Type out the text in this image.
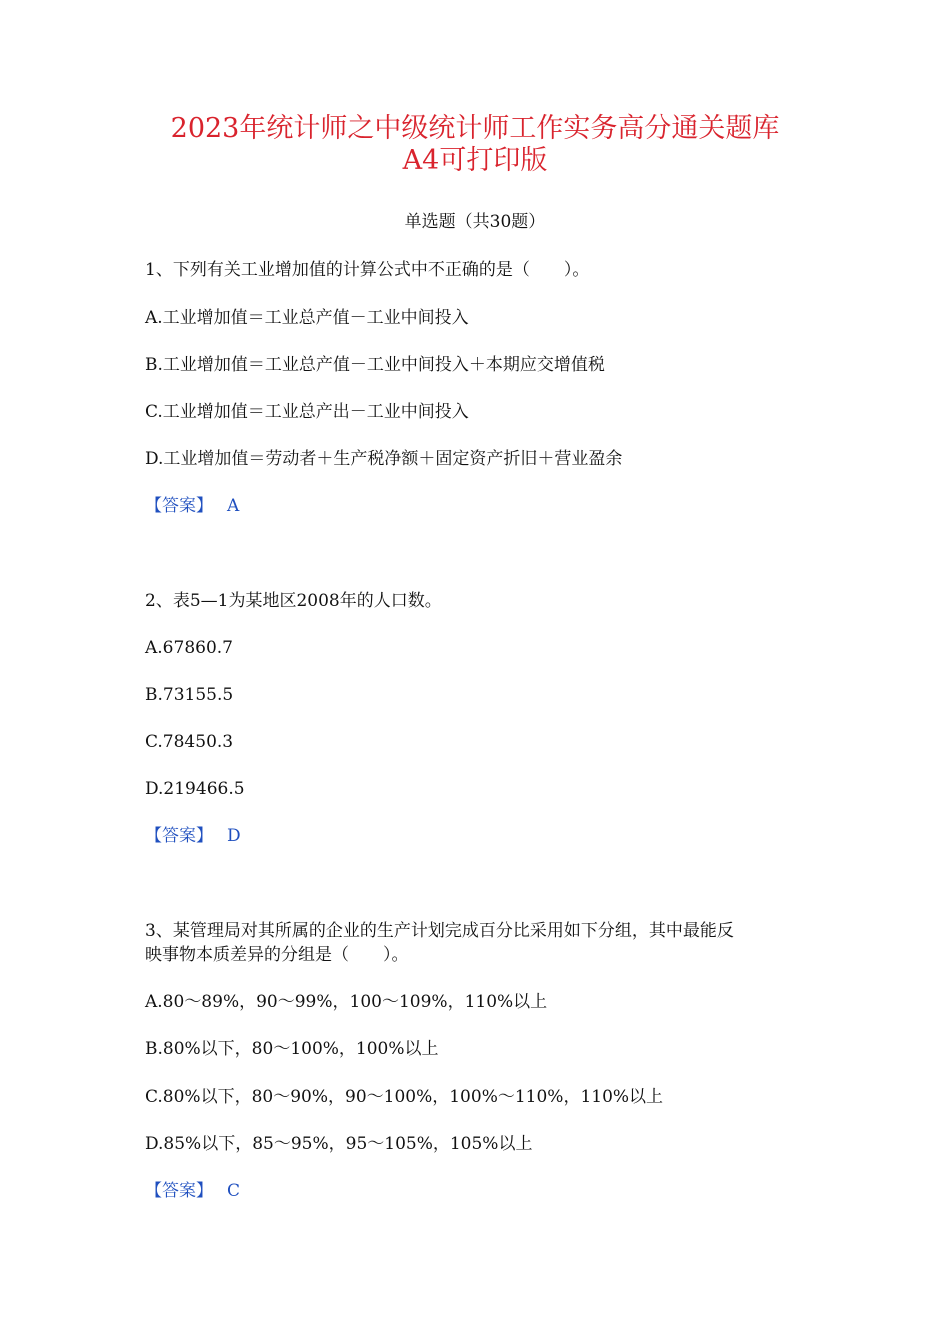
2023年统计师之中级统计师工作实务高分通关题库
A4可打印版
单选题（共30题）
1、下列有关工业增加值的计算公式中不正确的是（　　）。
A.工业增加值＝工业总产值－工业中间投入
B.工业增加值＝工业总产值－工业中间投入＋本期应交增值税
C.工业增加值＝工业总产出－工业中间投入
D.工业增加值＝劳动者＋生产税净额＋固定资产折旧＋营业盈余
【答案】 A
2、表5—1为某地区2008年的人口数。
A.67860.7
B.73155.5
C.78450.3
D.219466.5
【答案】 D
3、某管理局对其所属的企业的生产计划完成百分比采用如下分组，其中最能反
映事物本质差异的分组是（　　）。
A.80～89%，90～99%，100～109%，110%以上
B.80%以下，80～100%，100%以上
C.80%以下，80～90%，90～100%，100%～110%，110%以上
D.85%以下，85～95%，95～105%，105%以上
【答案】 C
